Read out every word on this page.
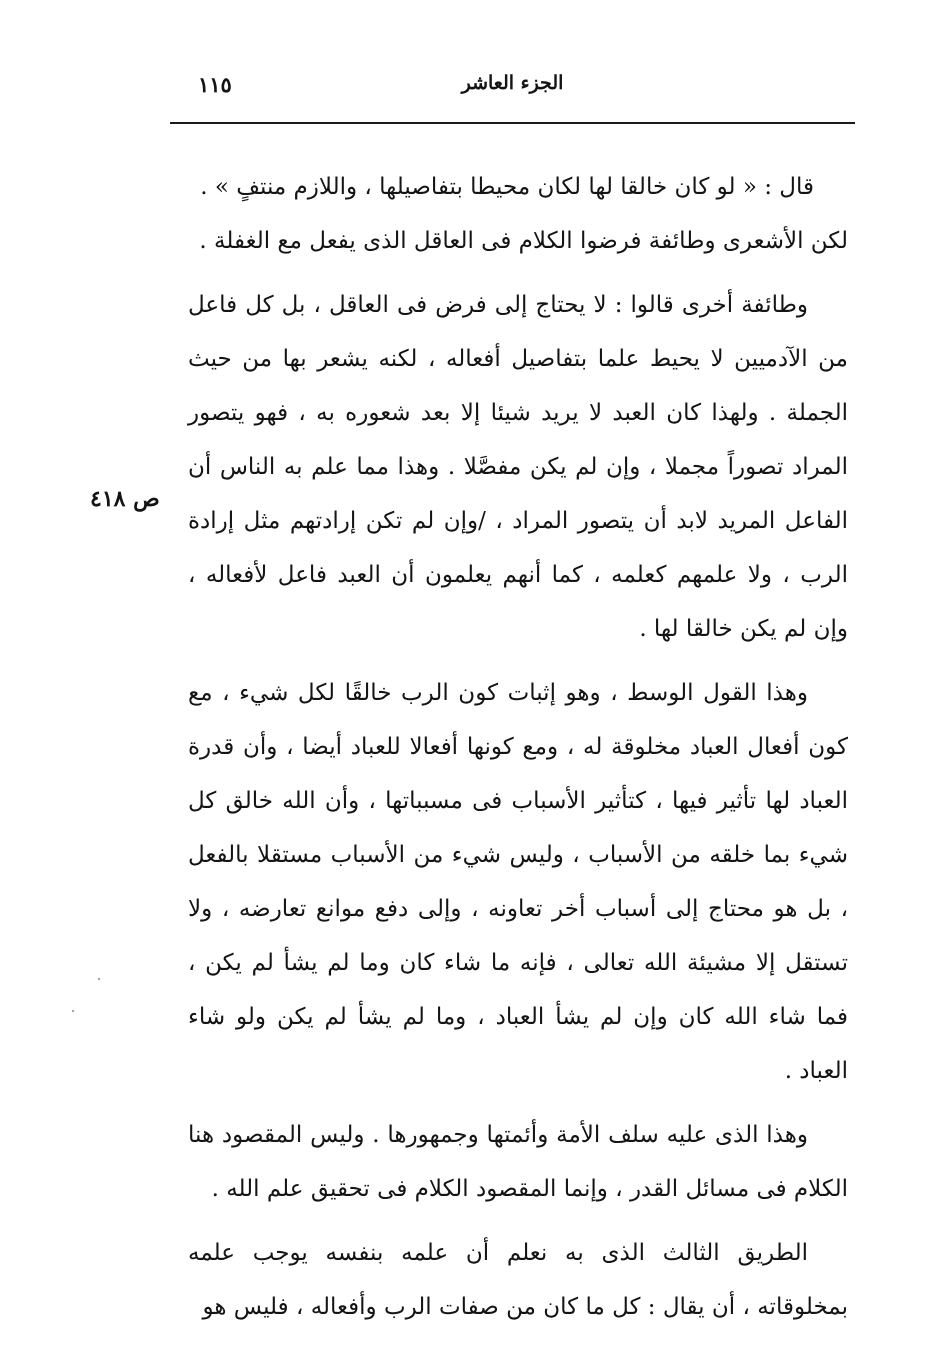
١١٥	الجزء العاشر
ص ٤١٨

قال : « لو كان خالقا لها لكان محيطا بتفاصيلها ، واللازم منتفٍ » .

لكن الأشعرى وطائفة فرضوا الكلام فى العاقل الذى يفعل مع الغفلة .

وطائفة أخرى قالوا : لا يحتاج إلى فرض فى العاقل ، بل كل فاعل من الآدميين لا يحيط علما بتفاصيل أفعاله ، لكنه يشعر بها من حيث الجملة . ولهذا كان العبد لا يريد شيئا إلا بعد شعوره به ، فهو يتصور المراد تصوراً مجملا ، وإن لم يكن مفصَّلا . وهذا مما علم به الناس أن الفاعل المريد لابد أن يتصور المراد ، /وإن لم تكن إرادتهم مثل إرادة الرب ، ولا علمهم كعلمه ، كما أنهم يعلمون أن العبد فاعل لأفعاله ، وإن لم يكن خالقا لها .

وهذا القول الوسط ، وهو إثبات كون الرب خالقًا لكل شيء ، مع كون أفعال العباد مخلوقة له ، ومع كونها أفعالا للعباد أيضا ، وأن قدرة العباد لها تأثير فيها ، كتأثير الأسباب فى مسبباتها ، وأن الله خالق كل شيء بما خلقه من الأسباب ، وليس شيء من الأسباب مستقلا بالفعل ، بل هو محتاج إلى أسباب أخر تعاونه ، وإلى دفع موانع تعارضه ، ولا تستقل إلا مشيئة الله تعالى ، فإنه ما شاء كان وما لم يشأ لم يكن ، فما شاء الله كان وإن لم يشأ العباد ، وما لم يشأ لم يكن ولو شاء العباد .

وهذا الذى عليه سلف الأمة وأئمتها وجمهورها . وليس المقصود هنا الكلام فى مسائل القدر ، وإنما المقصود الكلام فى تحقيق علم الله .

الطريق الثالث الذى به نعلم أن علمه بنفسه يوجب علمه بمخلوقاته ، أن يقال : كل ما كان من صفات الرب وأفعاله ، فليس هو
